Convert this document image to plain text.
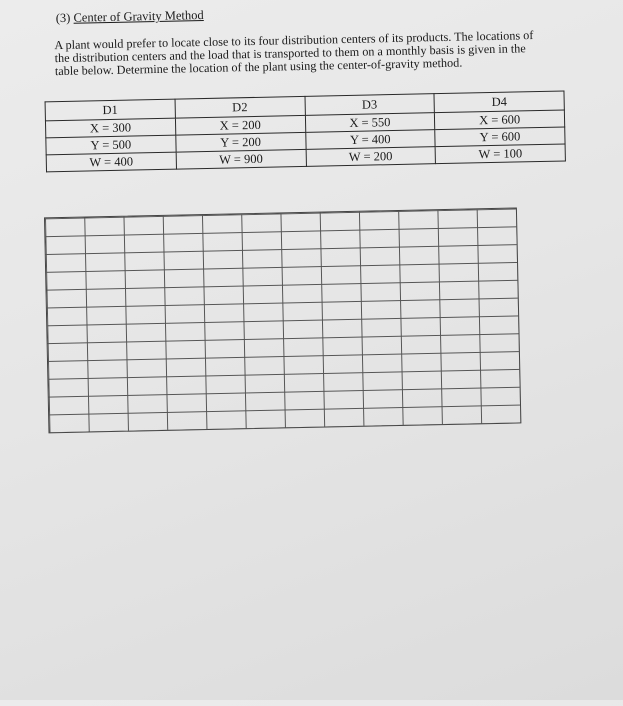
(3) Center of Gravity Method
A plant would prefer to locate close to its four distribution centers of its products. The locations of the distribution centers and the load that is transported to them on a monthly basis is given in the table below. Determine the location of the plant using the center-of-gravity method.
D1	D2	D3	D4
X = 300	X = 200	X = 550	X = 600
Y = 500	Y = 200	Y = 400	Y = 600
W = 400	W = 900	W = 200	W = 100
